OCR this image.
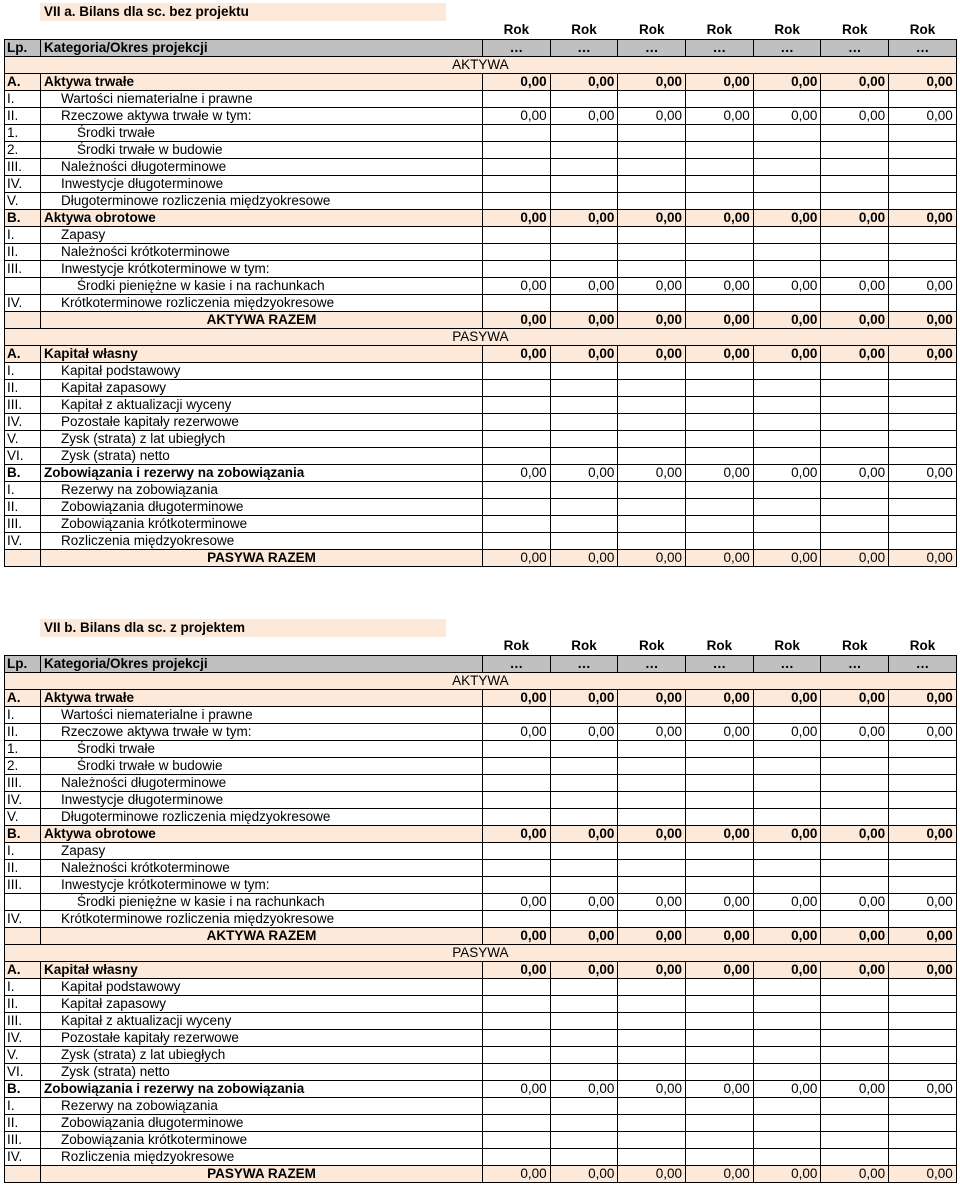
VII a. Bilans dla sc. bez projektu
		Rok	Rok	Rok	Rok	Rok	Rok	Rok
Lp.	Kategoria/Okres projekcji	…	…	…	…	…	…	…
AKTYWA								
A.	Aktywa trwałe	0,00	0,00	0,00	0,00	0,00	0,00	0,00
I.	Wartości niematerialne i prawne							
II.	Rzeczowe aktywa trwałe w tym:	0,00	0,00	0,00	0,00	0,00	0,00	0,00
1.	Środki trwałe							
2.	Środki trwałe w budowie							
III.	Należności długoterminowe							
IV.	Inwestycje długoterminowe							
V.	Długoterminowe rozliczenia międzyokresowe							
B.	Aktywa obrotowe	0,00	0,00	0,00	0,00	0,00	0,00	0,00
I.	Zapasy							
II.	Należności krótkoterminowe							
III.	Inwestycje krótkoterminowe w tym:							
	Środki pieniężne w kasie i na rachunkach	0,00	0,00	0,00	0,00	0,00	0,00	0,00
IV.	Krótkoterminowe rozliczenia międzyokresowe							
	AKTYWA RAZEM	0,00	0,00	0,00	0,00	0,00	0,00	0,00
PASYWA								
A.	Kapitał własny	0,00	0,00	0,00	0,00	0,00	0,00	0,00
I.	Kapitał podstawowy							
II.	Kapitał zapasowy							
III.	Kapitał z aktualizacji wyceny							
IV.	Pozostałe kapitały rezerwowe							
V.	Zysk (strata) z lat ubiegłych							
VI.	Zysk (strata) netto							
B.	Zobowiązania i rezerwy na zobowiązania	0,00	0,00	0,00	0,00	0,00	0,00	0,00
I.	Rezerwy na zobowiązania							
II.	Zobowiązania długoterminowe							
III.	Zobowiązania krótkoterminowe							
IV.	Rozliczenia międzyokresowe							
	PASYWA RAZEM	0,00	0,00	0,00	0,00	0,00	0,00	0,00
VII b. Bilans dla sc. z projektem
		Rok	Rok	Rok	Rok	Rok	Rok	Rok
Lp.	Kategoria/Okres projekcji	…	…	…	…	…	…	…
AKTYWA								
A.	Aktywa trwałe	0,00	0,00	0,00	0,00	0,00	0,00	0,00
I.	Wartości niematerialne i prawne							
II.	Rzeczowe aktywa trwałe w tym:	0,00	0,00	0,00	0,00	0,00	0,00	0,00
1.	Środki trwałe							
2.	Środki trwałe w budowie							
III.	Należności długoterminowe							
IV.	Inwestycje długoterminowe							
V.	Długoterminowe rozliczenia międzyokresowe							
B.	Aktywa obrotowe	0,00	0,00	0,00	0,00	0,00	0,00	0,00
I.	Zapasy							
II.	Należności krótkoterminowe							
III.	Inwestycje krótkoterminowe w tym:							
	Środki pieniężne w kasie i na rachunkach	0,00	0,00	0,00	0,00	0,00	0,00	0,00
IV.	Krótkoterminowe rozliczenia międzyokresowe							
	AKTYWA RAZEM	0,00	0,00	0,00	0,00	0,00	0,00	0,00
PASYWA								
A.	Kapitał własny	0,00	0,00	0,00	0,00	0,00	0,00	0,00
I.	Kapitał podstawowy							
II.	Kapitał zapasowy							
III.	Kapitał z aktualizacji wyceny							
IV.	Pozostałe kapitały rezerwowe							
V.	Zysk (strata) z lat ubiegłych							
VI.	Zysk (strata) netto							
B.	Zobowiązania i rezerwy na zobowiązania	0,00	0,00	0,00	0,00	0,00	0,00	0,00
I.	Rezerwy na zobowiązania							
II.	Zobowiązania długoterminowe							
III.	Zobowiązania krótkoterminowe							
IV.	Rozliczenia międzyokresowe							
	PASYWA RAZEM	0,00	0,00	0,00	0,00	0,00	0,00	0,00
